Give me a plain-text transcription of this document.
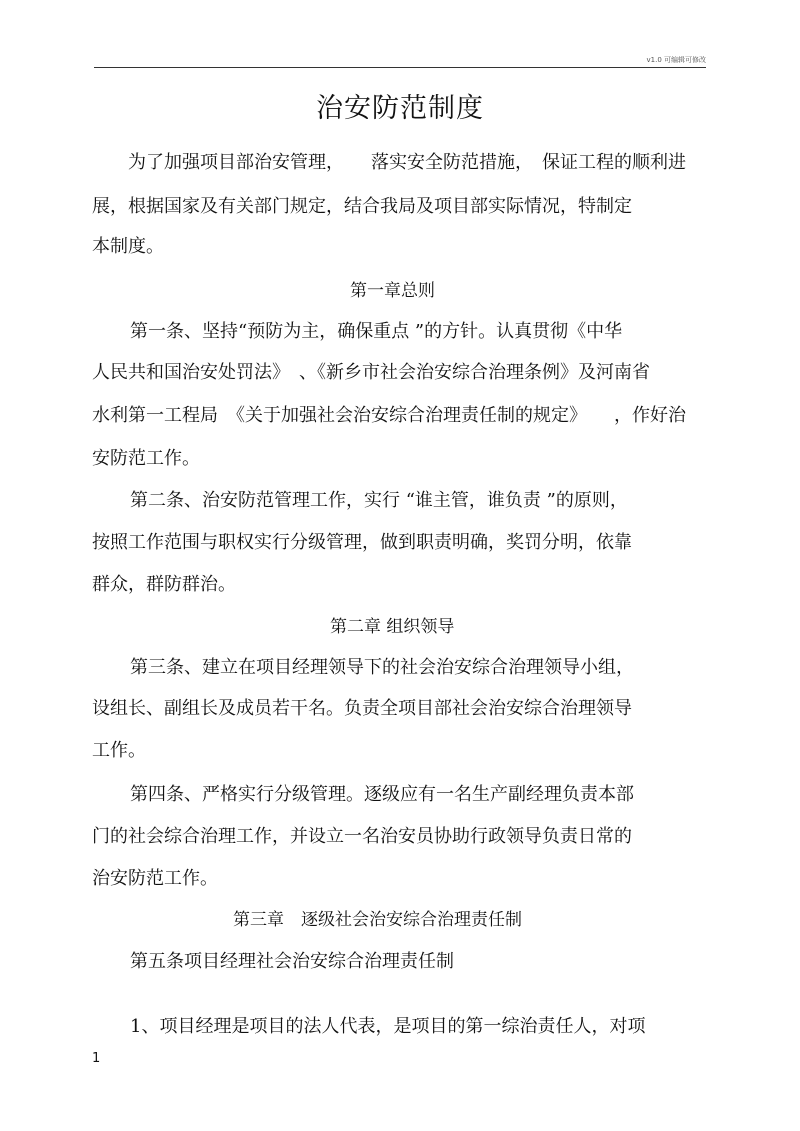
v1.0 可编辑可修改
治安防范制度
为了加强项目部治安管理，　　落实安全防范措施，　保证工程的顺利进
展，根据国家及有关部门规定，结合我局及项目部实际情况，特制定
本制度。
第一章总则
第一条、坚持“预防为主，确保重点 ”的方针。认真贯彻《中华
人民共和国治安处罚法》　、《新乡市社会治安综合治理条例》及河南省
水利第一工程局　《关于加强社会治安综合治理责任制的规定》　　，作好治
安防范工作。
第二条、治安防范管理工作，实行 “谁主管，谁负责 ”的原则，
按照工作范围与职权实行分级管理，做到职责明确，奖罚分明，依靠
群众，群防群治。
第二章 组织领导
第三条、建立在项目经理领导下的社会治安综合治理领导小组，
设组长、副组长及成员若干名。负责全项目部社会治安综合治理领导
工作。
第四条、严格实行分级管理。逐级应有一名生产副经理负责本部
门的社会综合治理工作，并设立一名治安员协助行政领导负责日常的
治安防范工作。
第三章　逐级社会治安综合治理责任制
第五条项目经理社会治安综合治理责任制
1、项目经理是项目的法人代表，是项目的第一综治责任人，对项
1
